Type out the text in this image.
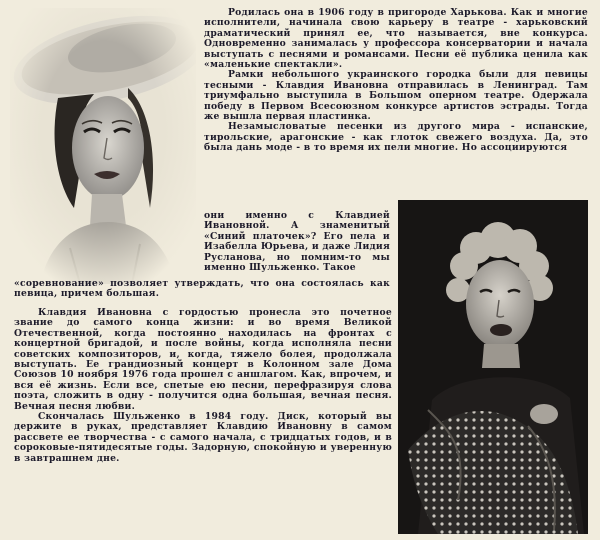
Родилась она в 1906 году в пригороде Харькова. Как и многие исполнители, начинала свою карьеру в театре - харьковский драматический принял ее, что называется, вне конкурса. Одновременно занималась у профессора консерватории и начала выступать с песнями и романсами. Песни её публика ценила как «маленькие спектакли».

Рамки небольшого украинского городка были для певицы тесными - Клавдия Ивановна отправилась в Ленинград. Там триумфально выступила в Большом оперном театре. Одержала победу в Первом Всесоюзном конкурсе артистов эстрады. Тогда же вышла первая пластинка.

Незамысловатые песенки из другого мира - испанские, тирольские, арагонские - как глоток свежего воздуха. Да, это была дань моде - в то время их пели многие. Но ассоциируются

они именно с Клавдией Ивановной. А знаменитый «Синий платочек»? Его пела и Изабелла Юрьева, и даже Лидия Русланова, но помним-то мы именно Шульженко. Такое

«соревнование» позволяет утверждать, что она состоялась как певица, причем большая.

Клавдия Ивановна с гордостью пронесла это почетное звание до самого конца жизни: и во время Великой Отечественной, когда постоянно находилась на фронтах с концертной бригадой, и после войны, когда исполняла песни советских композиторов, и, когда, тяжело болея, продолжала выступать. Ее грандиозный концерт в Колонном зале Дома Союзов 10 ноября 1976 года прошел с аншлагом. Как, впрочем, и вся её жизнь. Если все, спетые ею песни, перефразируя слова поэта, сложить в одну - получится одна большая, вечная песня. Вечная песня любви.

Скончалась Шульженко в 1984 году. Диск, который вы держите в руках, представляет Клавдию Ивановну в самом рассвете ее творчества - с самого начала, с тридцатых годов, и в сороковые-пятидесятые годы. Задорную, спокойную и уверенную в завтрашнем дне.
